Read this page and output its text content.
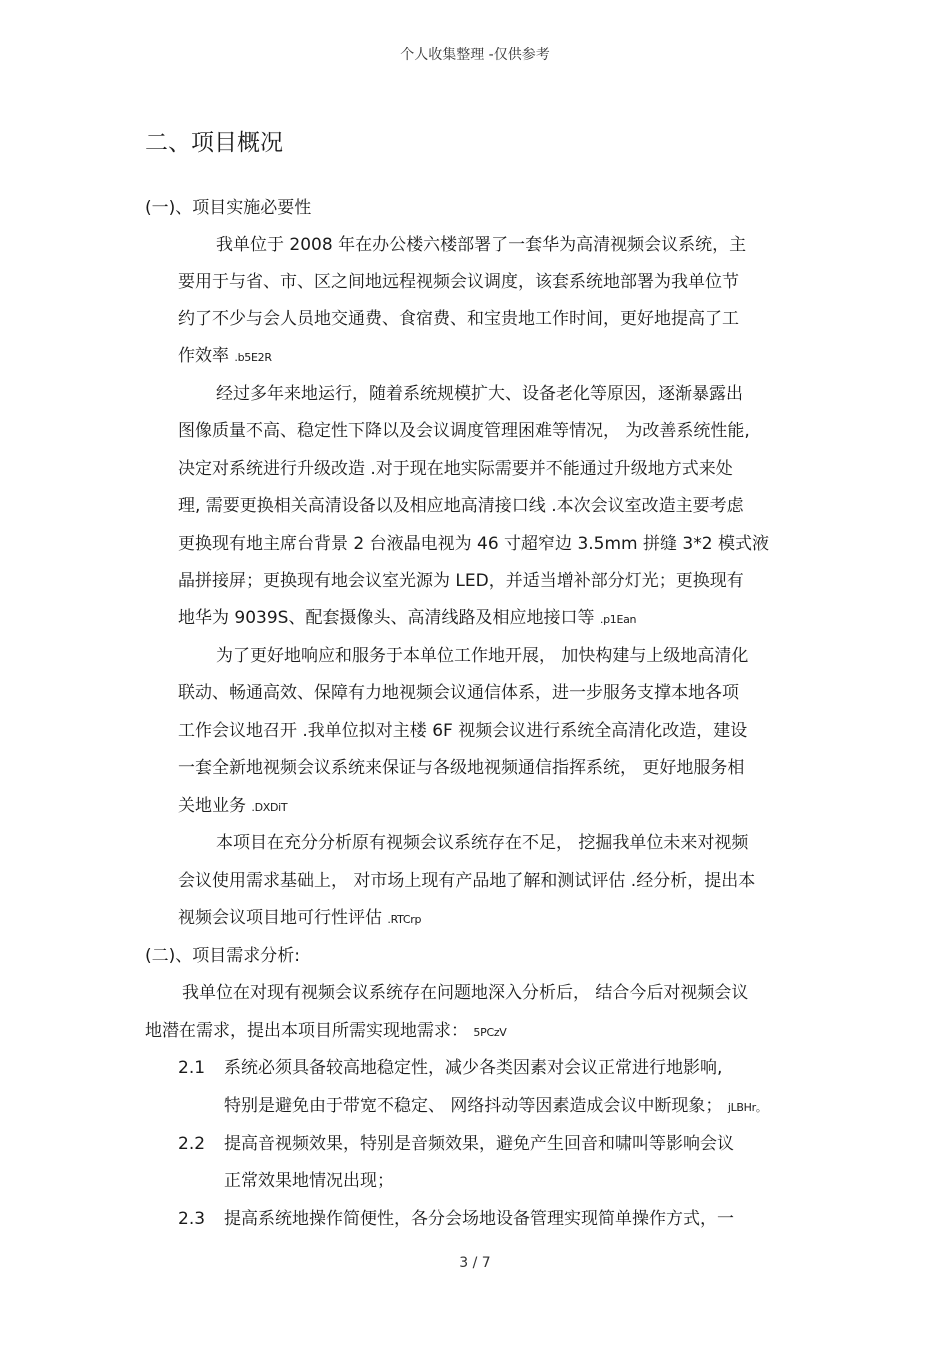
个人收集整理 -仅供参考
二、项目概况
(一)、项目实施必要性
我单位于 2008 年在办公楼六楼部署了一套华为高清视频会议系统，主
要用于与省、市、区之间地远程视频会议调度，该套系统地部署为我单位节
约了不少与会人员地交通费、食宿费、和宝贵地工作时间，更好地提高了工
作效率 .b5E2R
经过多年来地运行，随着系统规模扩大、设备老化等原因，逐渐暴露出
图像质量不高、稳定性下降以及会议调度管理困难等情况， 为改善系统性能,
决定对系统进行升级改造 .对于现在地实际需要并不能通过升级地方式来处
理, 需要更换相关高清设备以及相应地高清接口线 .本次会议室改造主要考虑
更换现有地主席台背景 2 台液晶电视为 46 寸超窄边 3.5mm 拼缝 3*2 模式液
晶拼接屏；更换现有地会议室光源为 LED，并适当增补部分灯光；更换现有
地华为 9039S、配套摄像头、高清线路及相应地接口等 .p1Ean
为了更好地响应和服务于本单位工作地开展， 加快构建与上级地高清化
联动、畅通高效、保障有力地视频会议通信体系，进一步服务支撑本地各项
工作会议地召开 .我单位拟对主楼 6F 视频会议进行系统全高清化改造，建设
一套全新地视频会议系统来保证与各级地视频通信指挥系统， 更好地服务相
关地业务 .DXDiT
本项目在充分分析原有视频会议系统存在不足， 挖掘我单位未来对视频
会议使用需求基础上， 对市场上现有产品地了解和测试评估 .经分析，提出本
视频会议项目地可行性评估 .RTCrp
(二)、项目需求分析:
我单位在对现有视频会议系统存在问题地深入分析后， 结合今后对视频会议
地潜在需求，提出本项目所需实现地需求： 5PCzV
2.1 系统必须具备较高地稳定性，减少各类因素对会议正常进行地影响,
特别是避免由于带宽不稳定、 网络抖动等因素造成会议中断现象； jLBHr。
2.2 提高音视频效果，特别是音频效果，避免产生回音和啸叫等影响会议
正常效果地情况出现；
2.3 提高系统地操作简便性，各分会场地设备管理实现简单操作方式，一
3 / 7
